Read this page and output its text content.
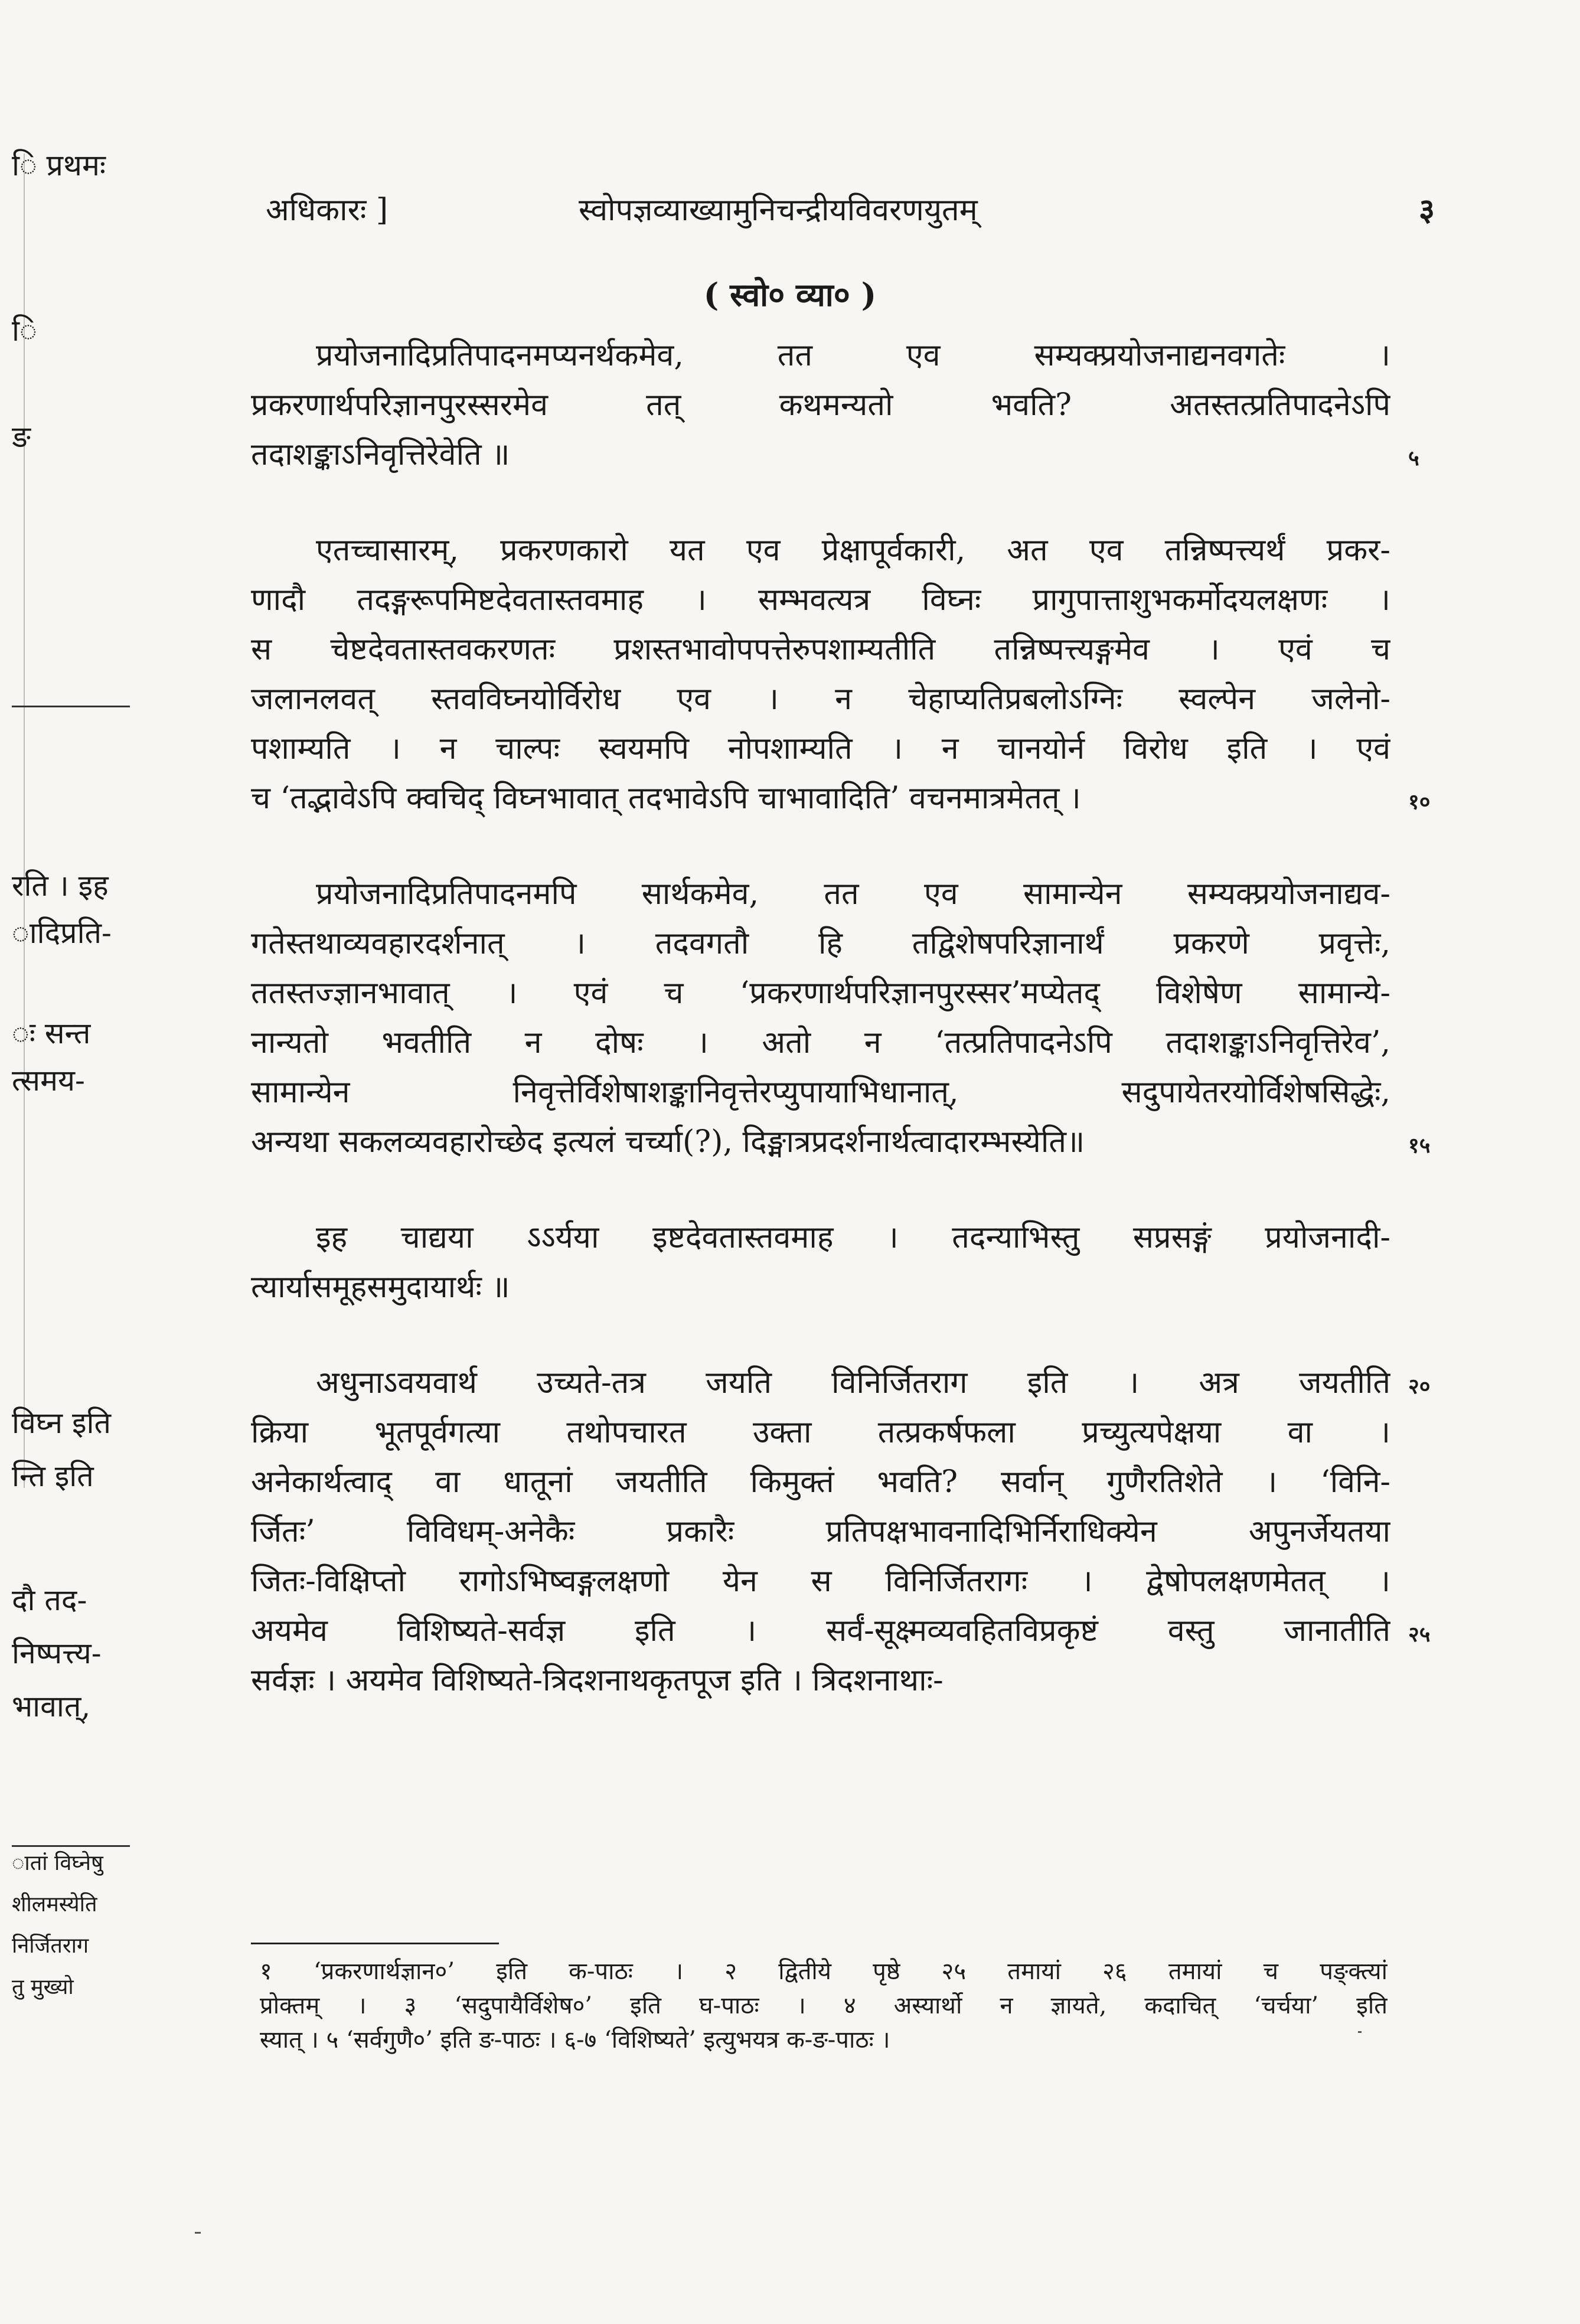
ि प्रथमः
ि
ङ
रति । इह
ादिप्रति-
ः सन्त
त्समय-
विघ्न इति
न्ति इति
दौ तद-
निष्पत्त्य-
भावात्,
ातां विघ्नेषु
शीलमस्येति
निर्जितराग
तु मुख्यो
अधिकारः ]	स्वोपज्ञव्याख्यामुनिचन्द्रीयविवरणयुतम्	३
( स्वो० व्या० )
प्रयोजनादिप्रतिपादनमप्यनर्थकमेव, तत एव सम्यक्प्रयोजनाद्यनवगतेः ।
प्रकरणार्थपरिज्ञानपुरस्सरमेव तत् कथमन्यतो भवति? अतस्तत्प्रतिपादनेऽपि
तदाशङ्काऽनिवृत्तिरेवेति ॥
एतच्चासारम्, प्रकरणकारो यत एव प्रेक्षापूर्वकारी, अत एव तन्निष्पत्त्यर्थं प्रकर-
णादौ तदङ्गरूपमिष्टदेवतास्तवमाह । सम्भवत्यत्र विघ्नः प्रागुपात्ताशुभकर्मोदयलक्षणः ।
स चेष्टदेवतास्तवकरणतः प्रशस्तभावोपपत्तेरुपशाम्यतीति तन्निष्पत्त्यङ्गमेव । एवं च
जलानलवत् स्तवविघ्नयोर्विरोध एव । न चेहाप्यतिप्रबलोऽग्निः स्वल्पेन जलेनो-
पशाम्यति । न चाल्पः स्वयमपि नोपशाम्यति । न चानयोर्न विरोध इति । एवं
च ‘तद्भावेऽपि क्वचिद् विघ्नभावात् तदभावेऽपि चाभावादिति’ वचनमात्रमेतत् ।
प्रयोजनादिप्रतिपादनमपि सार्थकमेव, तत एव सामान्येन सम्यक्प्रयोजनाद्यव-
गतेस्तथाव्यवहारदर्शनात् । तदवगतौ हि तद्विशेषपरिज्ञानार्थं प्रकरणे प्रवृत्तेः,
ततस्तज्ज्ञानभावात् । एवं च ‘प्रकरणार्थपरिज्ञानपुरस्सर’मप्येतद् विशेषेण सामान्ये-
नान्यतो भवतीति न दोषः । अतो न ‘तत्प्रतिपादनेऽपि तदाशङ्काऽनिवृत्तिरेव’,
सामान्येन निवृत्तेर्विशेषाशङ्कानिवृत्तेरप्युपायाभिधानात्, सदुपायेतरयोर्विशेषसिद्धेः,
अन्यथा सकलव्यवहारोच्छेद इत्यलं चर्च्या(?), दिङ्मात्रप्रदर्शनार्थत्वादारम्भस्येति॥
इह चाद्यया ऽऽर्यया इष्टदेवतास्तवमाह । तदन्याभिस्तु सप्रसङ्गं प्रयोजनादी-
त्यार्यासमूहसमुदायार्थः ॥
अधुनाऽवयवार्थ उच्यते-तत्र जयति विनिर्जितराग इति । अत्र जयतीति
क्रिया भूतपूर्वगत्या तथोपचारत उक्ता तत्प्रकर्षफला प्रच्युत्यपेक्षया वा ।
अनेकार्थत्वाद् वा धातूनां जयतीति किमुक्तं भवति? सर्वान् गुणैरतिशेते । ‘विनि-
र्जितः’ विविधम्-अनेकैः प्रकारैः प्रतिपक्षभावनादिभिर्निराधिक्येन अपुनर्जेयतया
जितः-विक्षिप्तो रागोऽभिष्वङ्गलक्षणो येन स विनिर्जितरागः । द्वेषोपलक्षणमेतत् ।
अयमेव विशिष्यते-सर्वज्ञ इति । सर्वं-सूक्ष्मव्यवहितविप्रकृष्टं वस्तु जानातीति
सर्वज्ञः । अयमेव विशिष्यते-त्रिदशनाथकृतपूज इति । त्रिदशनाथाः-
१ ‘प्रकरणार्थज्ञान०’ इति क-पाठः । २ द्वितीये पृष्ठे २५ तमायां २६ तमायां च पङ्क्त्यां
प्रोक्तम् । ३ ‘सदुपायैर्विशेष०’ इति घ-पाठः । ४ अस्यार्थो न ज्ञायते, कदाचित् ‘चर्चया’ इति
स्यात् । ५ ‘सर्वगुणै०’ इति ङ-पाठः । ६-७ ‘विशिष्यते’ इत्युभयत्र क-ङ-पाठः ।
५
१०
१५
२०
२५
